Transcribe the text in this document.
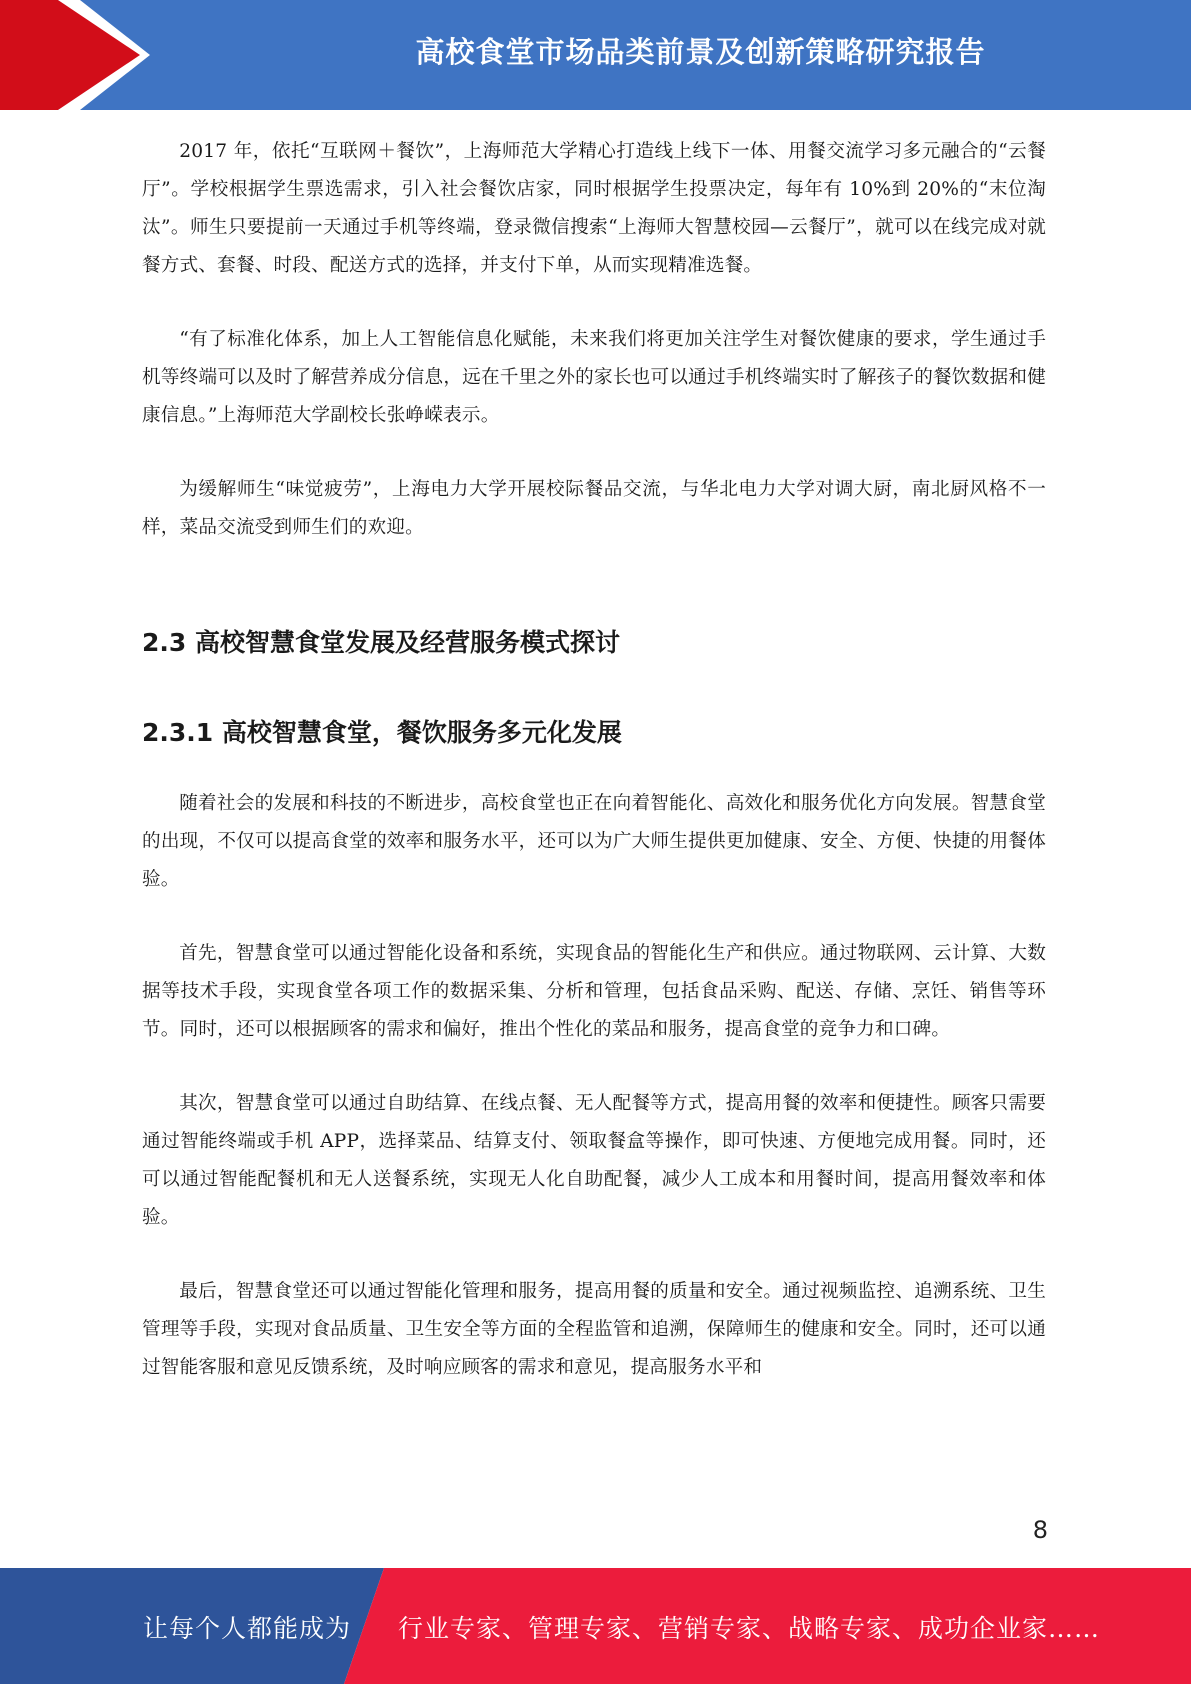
高校食堂市场品类前景及创新策略研究报告

2017 年，依托“互联网＋餐饮”，上海师范大学精心打造线上线下一体、用餐交流学习多元融合的“云餐厅”。学校根据学生票选需求，引入社会餐饮店家，同时根据学生投票决定，每年有 10%到 20%的“末位淘汰”。师生只要提前一天通过手机等终端，登录微信搜索“上海师大智慧校园—云餐厅”，就可以在线完成对就餐方式、套餐、时段、配送方式的选择，并支付下单，从而实现精准选餐。

“有了标准化体系，加上人工智能信息化赋能，未来我们将更加关注学生对餐饮健康的要求，学生通过手机等终端可以及时了解营养成分信息，远在千里之外的家长也可以通过手机终端实时了解孩子的餐饮数据和健康信息。”上海师范大学副校长张峥嵘表示。

为缓解师生“味觉疲劳”，上海电力大学开展校际餐品交流，与华北电力大学对调大厨，南北厨风格不一样，菜品交流受到师生们的欢迎。

2.3 高校智慧食堂发展及经营服务模式探讨
2.3.1 高校智慧食堂，餐饮服务多元化发展

随着社会的发展和科技的不断进步，高校食堂也正在向着智能化、高效化和服务优化方向发展。智慧食堂的出现，不仅可以提高食堂的效率和服务水平，还可以为广大师生提供更加健康、安全、方便、快捷的用餐体验。

首先，智慧食堂可以通过智能化设备和系统，实现食品的智能化生产和供应。通过物联网、云计算、大数据等技术手段，实现食堂各项工作的数据采集、分析和管理，包括食品采购、配送、存储、烹饪、销售等环节。同时，还可以根据顾客的需求和偏好，推出个性化的菜品和服务，提高食堂的竞争力和口碑。

其次，智慧食堂可以通过自助结算、在线点餐、无人配餐等方式，提高用餐的效率和便捷性。顾客只需要通过智能终端或手机 APP，选择菜品、结算支付、领取餐盒等操作，即可快速、方便地完成用餐。同时，还可以通过智能配餐机和无人送餐系统，实现无人化自助配餐，减少人工成本和用餐时间，提高用餐效率和体验。

最后，智慧食堂还可以通过智能化管理和服务，提高用餐的质量和安全。通过视频监控、追溯系统、卫生管理等手段，实现对食品质量、卫生安全等方面的全程监管和追溯，保障师生的健康和安全。同时，还可以通过智能客服和意见反馈系统，及时响应顾客的需求和意见，提高服务水平和

8
让每个人都能成为 行业专家、管理专家、营销专家、战略专家、成功企业家……
